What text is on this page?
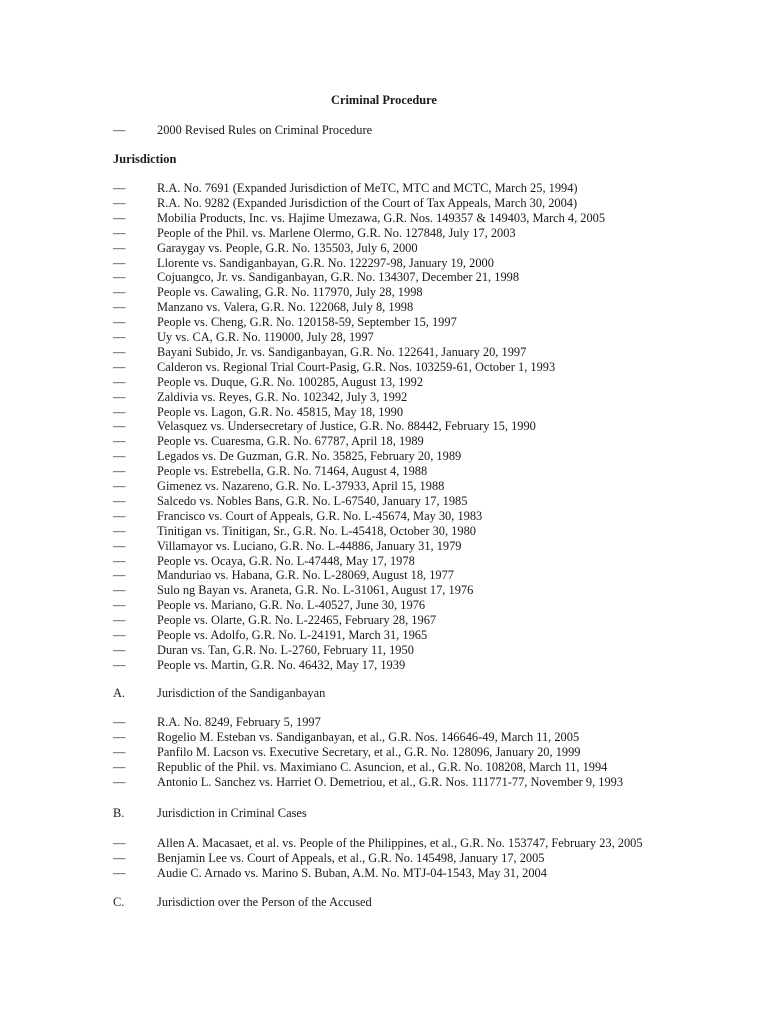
Criminal Procedure
—	2000 Revised Rules on Criminal Procedure
Jurisdiction
—	R.A. No. 7691 (Expanded Jurisdiction of MeTC, MTC and MCTC, March 25, 1994)
—	R.A. No. 9282 (Expanded Jurisdiction of the Court of Tax Appeals, March 30, 2004)
—	Mobilia Products, Inc. vs. Hajime Umezawa, G.R. Nos. 149357 & 149403, March 4, 2005
—	People of the Phil. vs. Marlene Olermo, G.R. No. 127848, July 17, 2003
—	Garaygay vs. People, G.R. No. 135503, July 6, 2000
—	Llorente vs. Sandiganbayan, G.R. No. 122297-98, January 19, 2000
—	Cojuangco, Jr. vs. Sandiganbayan, G.R. No. 134307, December 21, 1998
—	People vs. Cawaling, G.R. No. 117970, July 28, 1998
—	Manzano vs. Valera, G.R. No. 122068, July 8, 1998
—	People vs. Cheng, G.R. No. 120158-59, September 15, 1997
—	Uy vs. CA, G.R. No. 119000, July 28, 1997
—	Bayani Subido, Jr. vs. Sandiganbayan, G.R. No. 122641, January 20, 1997
—	Calderon vs. Regional Trial Court-Pasig, G.R. Nos. 103259-61, October 1, 1993
—	People vs. Duque, G.R. No. 100285, August 13, 1992
—	Zaldivia vs. Reyes, G.R. No. 102342, July 3, 1992
—	People vs. Lagon, G.R. No. 45815, May 18, 1990
—	Velasquez vs. Undersecretary of Justice, G.R. No. 88442, February 15, 1990
—	People vs. Cuaresma, G.R. No. 67787, April 18, 1989
—	Legados vs. De Guzman, G.R. No. 35825, February 20, 1989
—	People vs. Estrebella, G.R. No. 71464, August 4, 1988
—	Gimenez vs. Nazareno, G.R. No. L-37933, April 15, 1988
—	Salcedo vs. Nobles Bans, G.R. No. L-67540, January 17, 1985
—	Francisco vs. Court of Appeals, G.R. No. L-45674, May 30, 1983
—	Tinitigan vs. Tinitigan, Sr., G.R. No. L-45418, October 30, 1980
—	Villamayor vs. Luciano, G.R. No. L-44886, January 31, 1979
—	People vs. Ocaya, G.R. No. L-47448, May 17, 1978
—	Manduriao vs. Habana, G.R. No. L-28069, August 18, 1977
—	Sulo ng Bayan vs. Araneta, G.R. No. L-31061, August 17, 1976
—	People vs. Mariano, G.R. No. L-40527, June 30, 1976
—	People vs. Olarte, G.R. No. L-22465, February 28, 1967
—	People vs. Adolfo, G.R. No. L-24191, March 31, 1965
—	Duran vs. Tan, G.R. No. L-2760, February 11, 1950
—	People vs. Martin, G.R. No. 46432, May 17, 1939
A.	Jurisdiction of the Sandiganbayan
—	R.A. No. 8249, February 5, 1997
—	Rogelio M. Esteban vs. Sandiganbayan, et al., G.R. Nos. 146646-49, March 11, 2005
—	Panfilo M. Lacson vs. Executive Secretary, et al., G.R. No. 128096, January 20, 1999
—	Republic of the Phil. vs. Maximiano C. Asuncion, et al., G.R. No. 108208, March 11, 1994
—	Antonio L. Sanchez vs. Harriet O. Demetriou, et al., G.R. Nos. 111771-77, November 9, 1993
B.	Jurisdiction in Criminal Cases
—	Allen A. Macasaet, et al. vs. People of the Philippines, et al., G.R. No. 153747, February 23, 2005
—	Benjamin Lee vs. Court of Appeals, et al., G.R. No. 145498, January 17, 2005
—	Audie C. Arnado vs. Marino S. Buban, A.M. No. MTJ-04-1543, May 31, 2004
C.	Jurisdiction over the Person of the Accused
